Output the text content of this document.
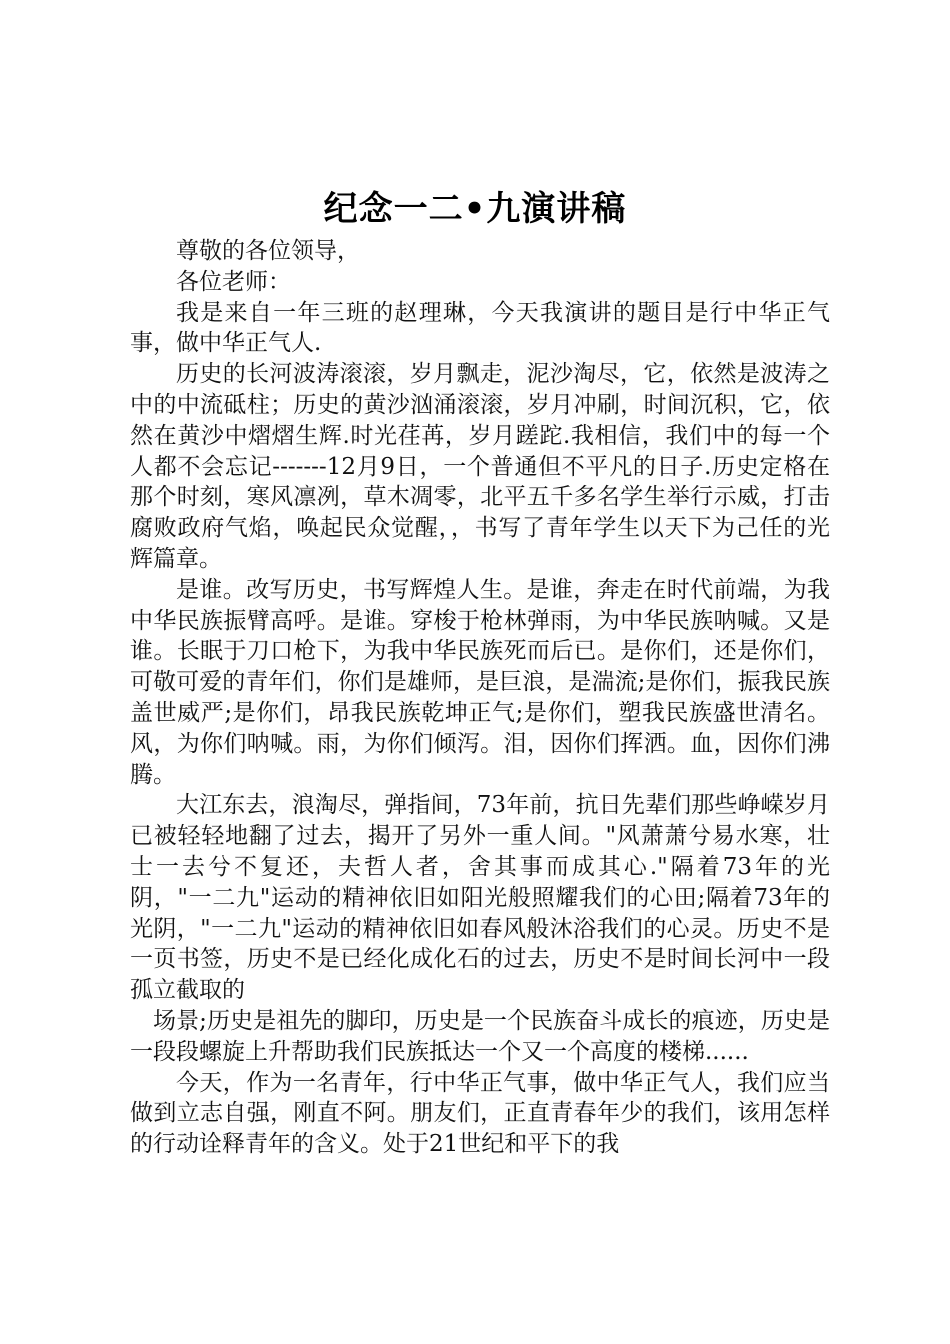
纪念一二•九演讲稿

尊敬的各位领导，

各位老师：

我是来自一年三班的赵理琳，今天我演讲的题目是行中华正气事，做中华正气人.

历史的长河波涛滚滚，岁月飘走，泥沙淘尽，它，依然是波涛之中的中流砥柱；历史的黄沙汹涌滚滚，岁月冲刷，时间沉积，它，依然在黄沙中熠熠生辉.时光荏苒，岁月蹉跎.我相信，我们中的每一个人都不会忘记-------12月9日，一个普通但不平凡的日子.历史定格在那个时刻，寒风凛冽，草木凋零，北平五千多名学生举行示威，打击腐败政府气焰，唤起民众觉醒，，书写了青年学生以天下为己任的光辉篇章。

是谁。改写历史，书写辉煌人生。是谁，奔走在时代前端，为我中华民族振臂高呼。是谁。穿梭于枪林弹雨，为中华民族呐喊。又是谁。长眠于刀口枪下，为我中华民族死而后已。是你们，还是你们，可敬可爱的青年们，你们是雄师，是巨浪，是湍流;是你们，振我民族盖世威严;是你们，昂我民族乾坤正气;是你们，塑我民族盛世清名。风，为你们呐喊。雨，为你们倾泻。泪，因你们挥洒。血，因你们沸腾。

大江东去，浪淘尽，弹指间，73年前，抗日先辈们那些峥嵘岁月已被轻轻地翻了过去，揭开了另外一重人间。"风萧萧兮易水寒，壮士一去兮不复还，夫哲人者，舍其事而成其心."隔着73年的光阴，"一二九"运动的精神依旧如阳光般照耀我们的心田;隔着73年的光阴，"一二九"运动的精神依旧如春风般沐浴我们的心灵。历史不是一页书签，历史不是已经化成化石的过去，历史不是时间长河中一段孤立截取的

场景;历史是祖先的脚印，历史是一个民族奋斗成长的痕迹，历史是一段段螺旋上升帮助我们民族抵达一个又一个高度的楼梯......

今天，作为一名青年，行中华正气事，做中华正气人，我们应当做到立志自强，刚直不阿。朋友们，正直青春年少的我们，该用怎样的行动诠释青年的含义。处于21世纪和平下的我
